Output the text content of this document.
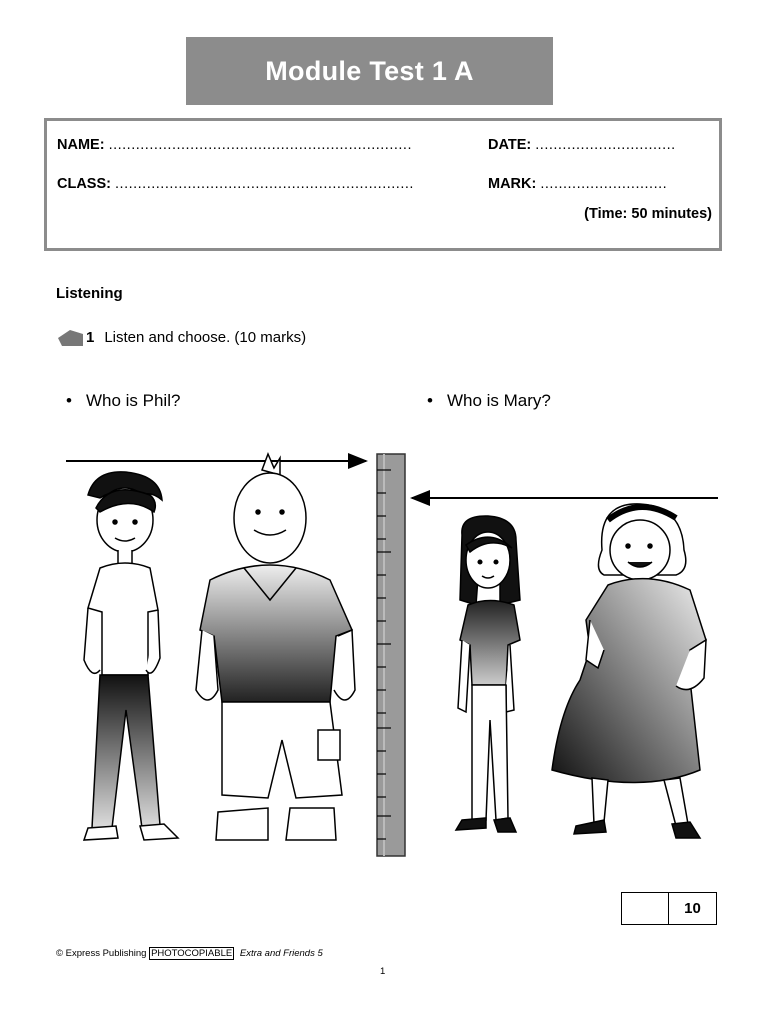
Module Test 1 A
NAME: ...................................................................	DATE: ...............................
CLASS: ..................................................................	MARK: ............................
(Time: 50 minutes)
Listening
1 Listen and choose. (10 marks)
• Who is Phil?	• Who is Mary?
10
© Express Publishing PHOTOCOPIABLE Extra and Friends 5
1
